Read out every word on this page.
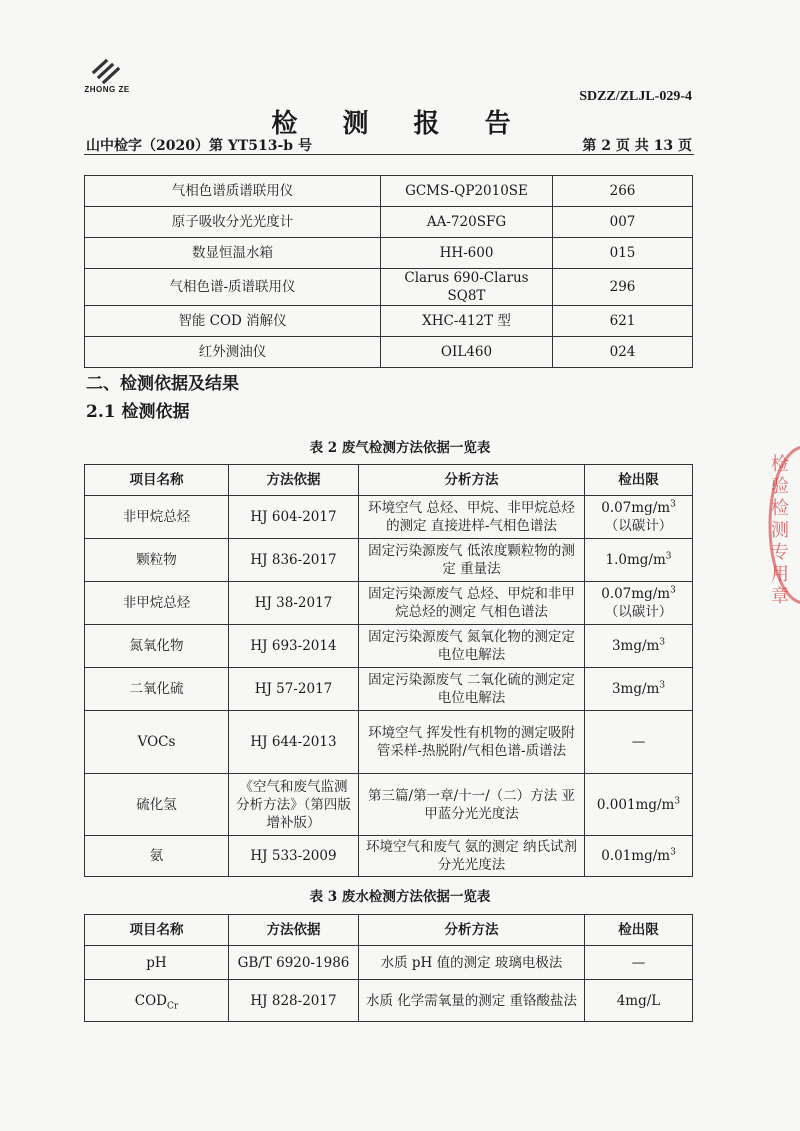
ZHONG ZE	SDZZ/ZLJL-029-4
检 测 报 告
山中检字（2020）第 YT513-b 号	第 2 页 共 13 页
气相色谱质谱联用仪	GCMS-QP2010SE	266
原子吸收分光光度计	AA-720SFG	007
数显恒温水箱	HH-600	015
气相色谱-质谱联用仪	Clarus 690-Clarus SQ8T	296
智能 COD 消解仪	XHC-412T 型	621
红外测油仪	OIL460	024
二、检测依据及结果
2.1 检测依据
表 2 废气检测方法依据一览表
项目名称	方法依据	分析方法	检出限
非甲烷总烃	HJ 604-2017	环境空气 总烃、甲烷、非甲烷总烃的测定 直接进样-气相色谱法	$0.07mg/m^3$
（以碳计）
颗粒物	HJ 836-2017	固定污染源废气 低浓度颗粒物的测定 重量法	$1.0mg/m^3$
非甲烷总烃	HJ 38-2017	固定污染源废气 总烃、甲烷和非甲烷总烃的测定 气相色谱法	$0.07mg/m^3$
（以碳计）
氮氧化物	HJ 693-2014	固定污染源废气 氮氧化物的测定定电位电解法	$3mg/m^3$
二氧化硫	HJ 57-2017	固定污染源废气 二氧化硫的测定定电位电解法	$3mg/m^3$
VOCs	HJ 644-2013	环境空气 挥发性有机物的测定吸附管采样-热脱附/气相色谱-质谱法	—
硫化氢	《空气和废气监测分析方法》（第四版增补版）	第三篇/第一章/十一/（二）方法 亚甲蓝分光光度法	$0.001mg/m^3$
氨	HJ 533-2009	环境空气和废气 氨的测定 纳氏试剂分光光度法	$0.01mg/m^3$
表 3 废水检测方法依据一览表
项目名称	方法依据	分析方法	检出限
pH	GB/T 6920-1986	水质 pH 值的测定 玻璃电极法	—
$COD_{Cr}$	HJ 828-2017	水质 化学需氧量的测定 重铬酸盐法	4mg/L
检验检测专用章
